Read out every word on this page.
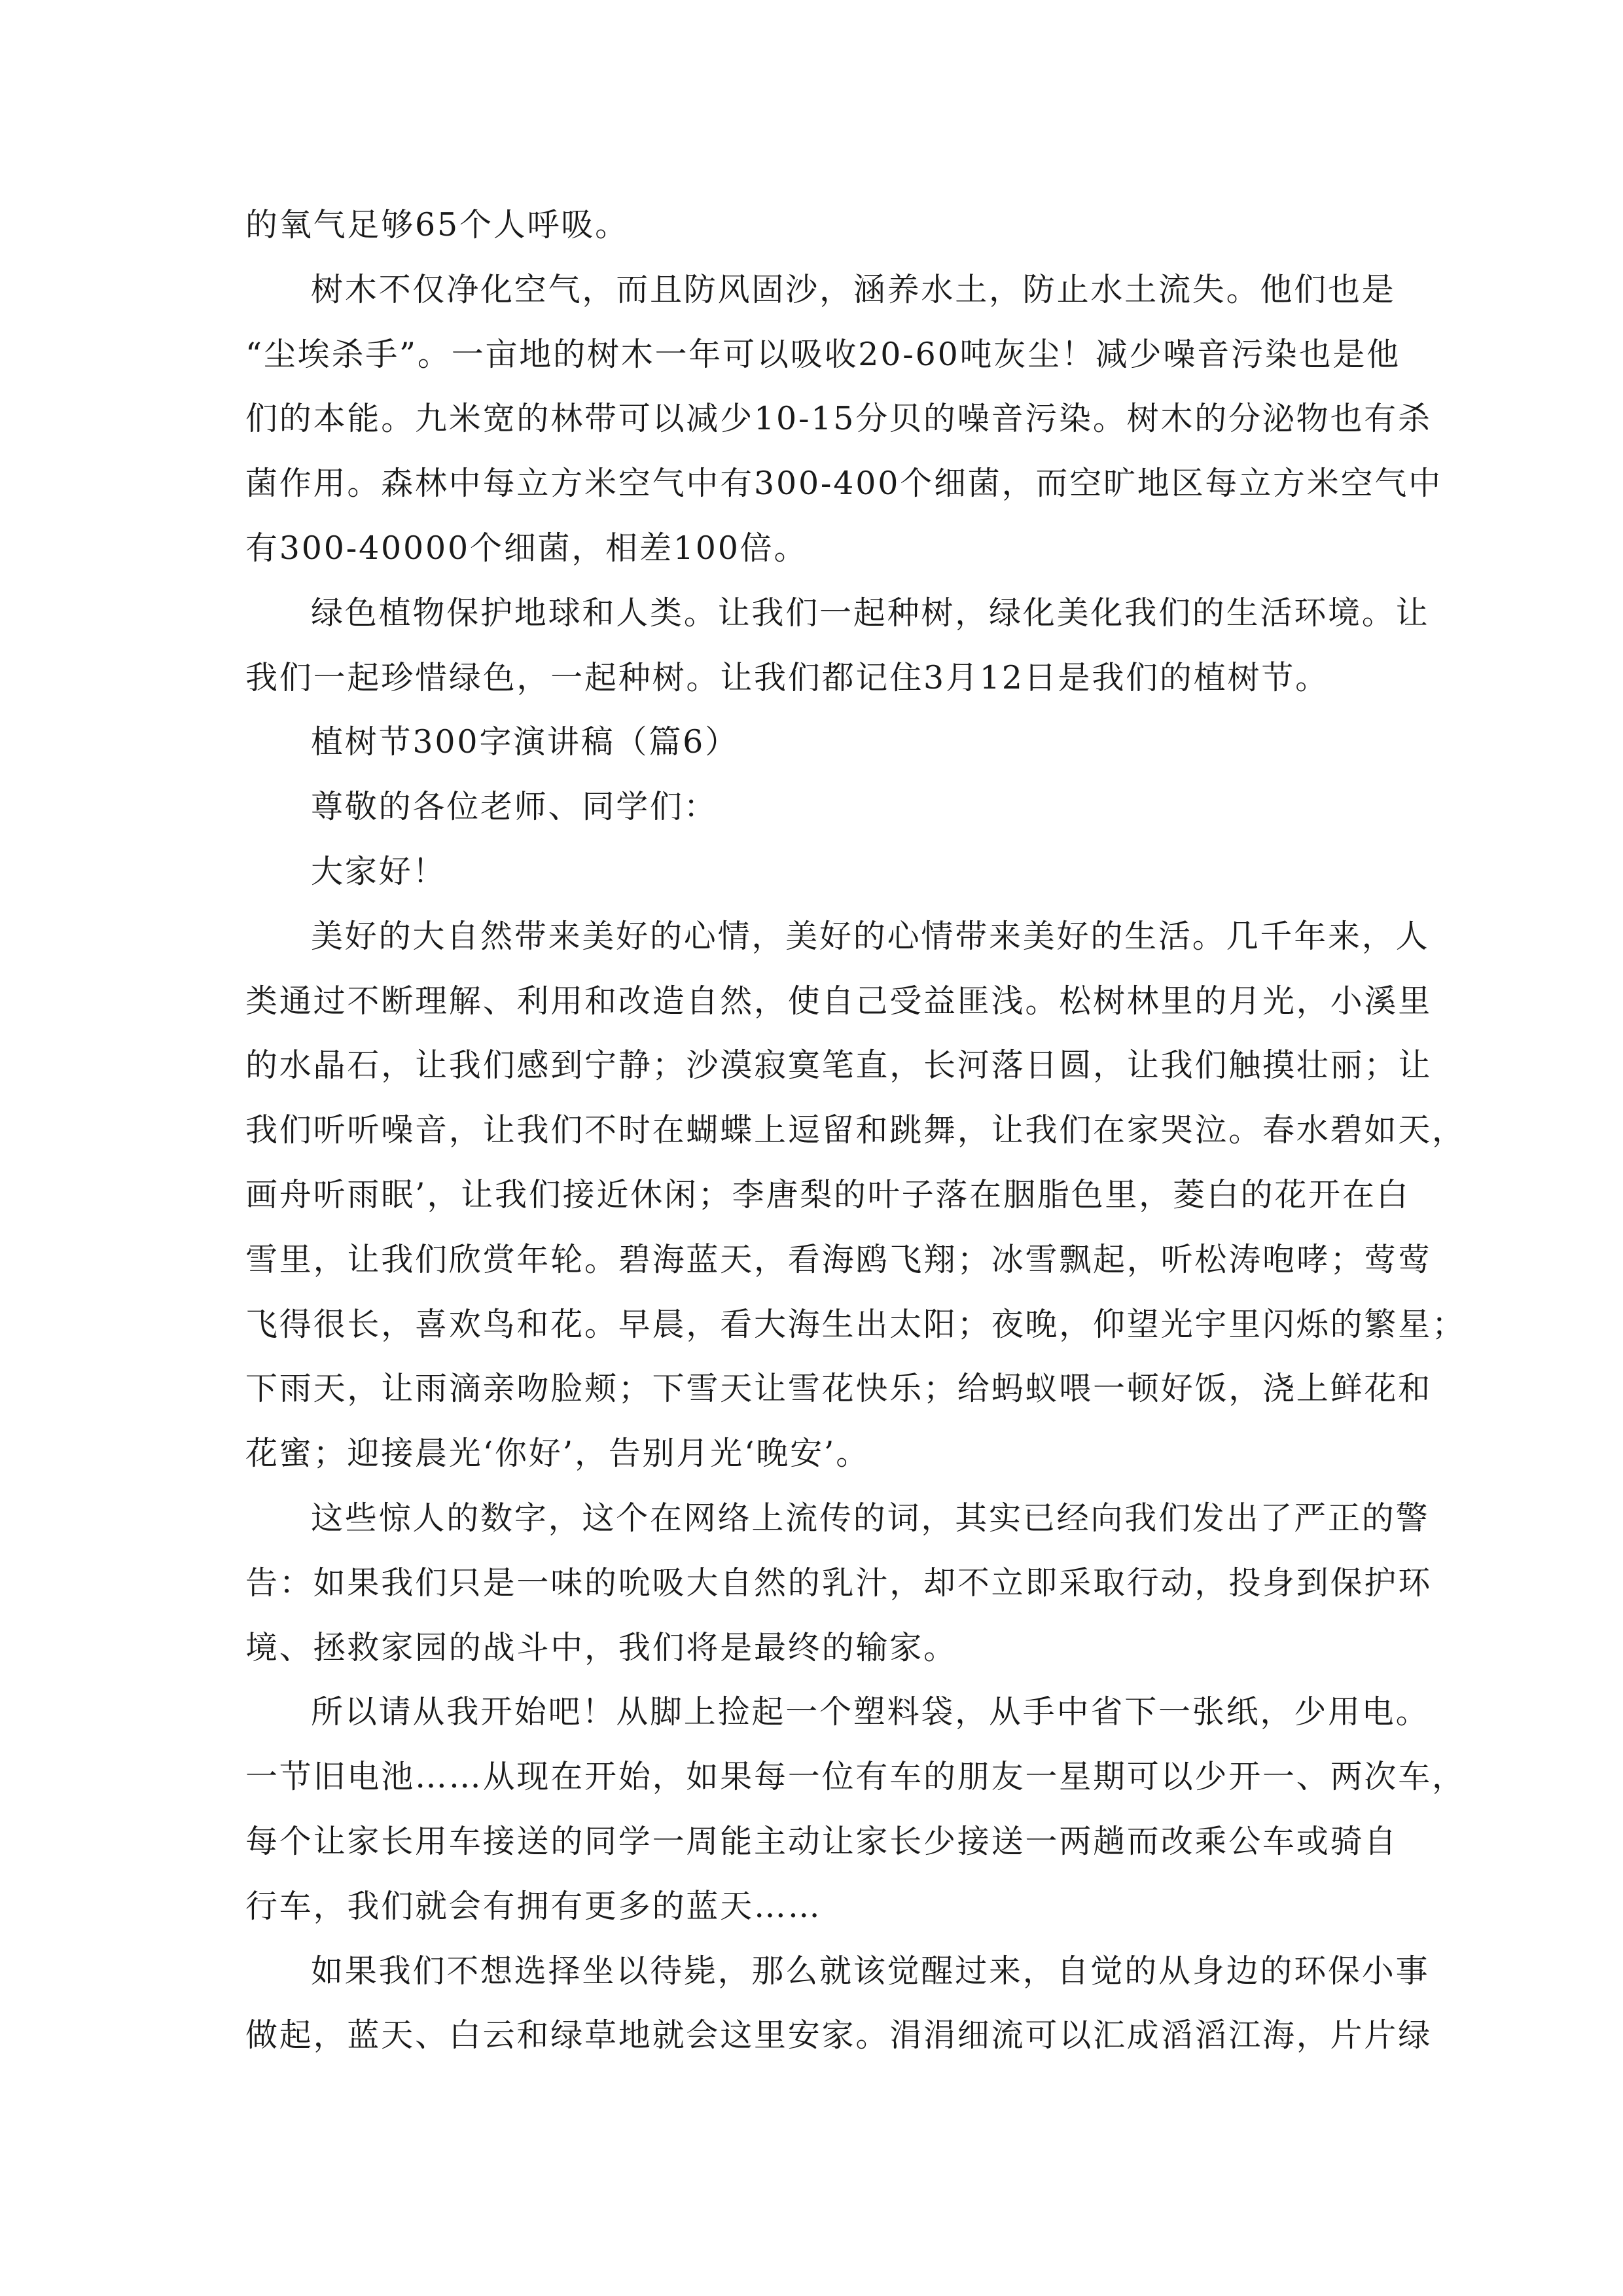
的氧气足够65个人呼吸。
树木不仅净化空气，而且防风固沙，涵养水土，防止水土流失。他们也是
“尘埃杀手”。一亩地的树木一年可以吸收20-60吨灰尘！减少噪音污染也是他
们的本能。九米宽的林带可以减少10-15分贝的噪音污染。树木的分泌物也有杀
菌作用。森林中每立方米空气中有300-400个细菌，而空旷地区每立方米空气中
有300-40000个细菌，相差100倍。
绿色植物保护地球和人类。让我们一起种树，绿化美化我们的生活环境。让
我们一起珍惜绿色，一起种树。让我们都记住3月12日是我们的植树节。
植树节300字演讲稿（篇6）
尊敬的各位老师、同学们：
大家好！
美好的大自然带来美好的心情，美好的心情带来美好的生活。几千年来，人
类通过不断理解、利用和改造自然，使自己受益匪浅。松树林里的月光，小溪里
的水晶石，让我们感到宁静；沙漠寂寞笔直，长河落日圆，让我们触摸壮丽；让
我们听听噪音，让我们不时在蝴蝶上逗留和跳舞，让我们在家哭泣。春水碧如天，
画舟听雨眠’，让我们接近休闲；李唐梨的叶子落在胭脂色里，菱白的花开在白
雪里，让我们欣赏年轮。碧海蓝天，看海鸥飞翔；冰雪飘起，听松涛咆哮；莺莺
飞得很长，喜欢鸟和花。早晨，看大海生出太阳；夜晚，仰望光宇里闪烁的繁星；
下雨天，让雨滴亲吻脸颊；下雪天让雪花快乐；给蚂蚁喂一顿好饭，浇上鲜花和
花蜜；迎接晨光‘你好’，告别月光‘晚安’。
这些惊人的数字，这个在网络上流传的词，其实已经向我们发出了严正的警
告：如果我们只是一味的吮吸大自然的乳汁，却不立即采取行动，投身到保护环
境、拯救家园的战斗中，我们将是最终的输家。
所以请从我开始吧！从脚上捡起一个塑料袋，从手中省下一张纸，少用电。
一节旧电池……从现在开始，如果每一位有车的朋友一星期可以少开一、两次车，
每个让家长用车接送的同学一周能主动让家长少接送一两趟而改乘公车或骑自
行车，我们就会有拥有更多的蓝天……
如果我们不想选择坐以待毙，那么就该觉醒过来，自觉的从身边的环保小事
做起，蓝天、白云和绿草地就会这里安家。涓涓细流可以汇成滔滔江海，片片绿
